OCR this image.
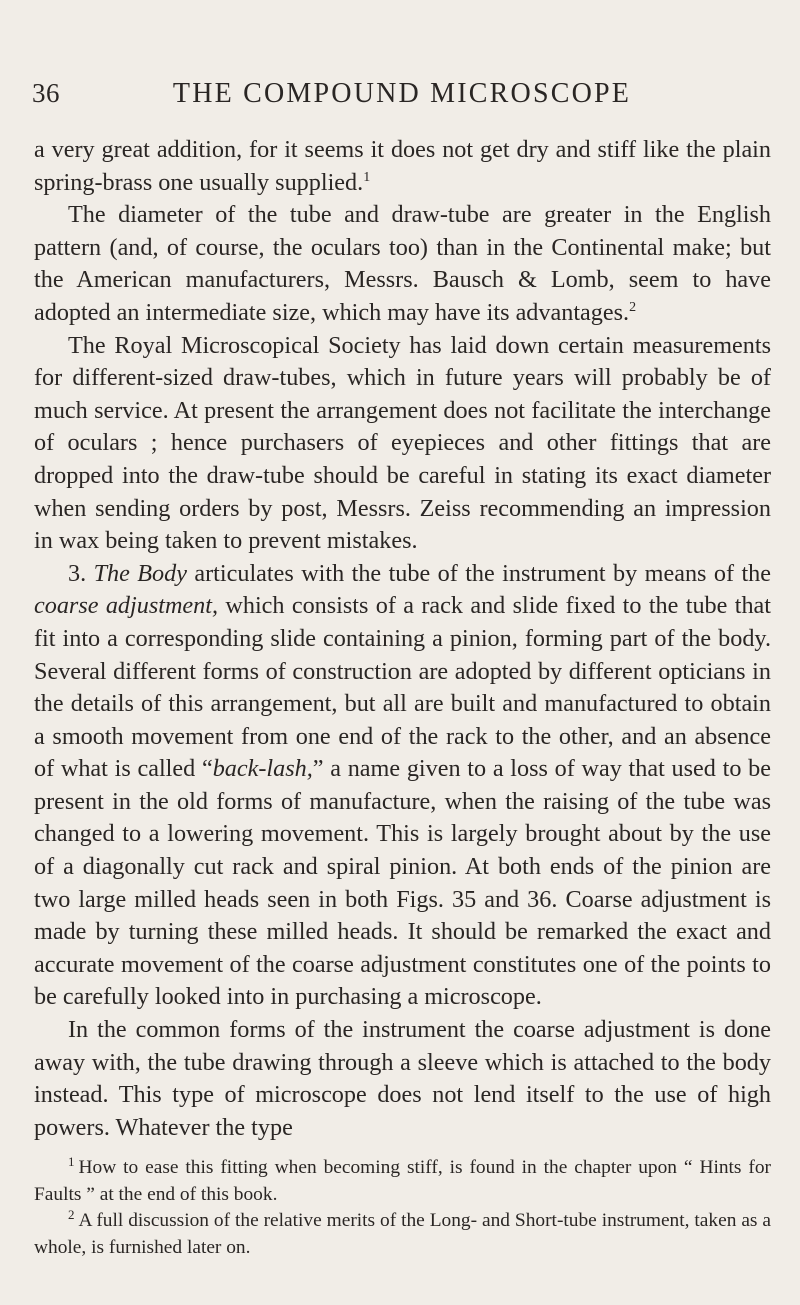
36	THE COMPOUND MICROSCOPE

a very great addition, for it seems it does not get dry and stiff like the plain spring-brass one usually supplied.$^1$

The diameter of the tube and draw-tube are greater in the English pattern (and, of course, the oculars too) than in the Continental make; but the American manufacturers, Messrs. Bausch & Lomb, seem to have adopted an intermediate size, which may have its advantages.$^2$

The Royal Microscopical Society has laid down certain measurements for different-sized draw-tubes, which in future years will probably be of much service. At present the arrangement does not facilitate the interchange of oculars ; hence purchasers of eyepieces and other fittings that are dropped into the draw-tube should be careful in stating its exact diameter when sending orders by post, Messrs. Zeiss recommending an impression in wax being taken to prevent mistakes.

3. The Body articulates with the tube of the instrument by means of the coarse adjustment, which consists of a rack and slide fixed to the tube that fit into a corresponding slide containing a pinion, forming part of the body. Several different forms of construction are adopted by different opticians in the details of this arrangement, but all are built and manufactured to obtain a smooth movement from one end of the rack to the other, and an absence of what is called “back-lash,” a name given to a loss of way that used to be present in the old forms of manufacture, when the raising of the tube was changed to a lowering movement. This is largely brought about by the use of a diagonally cut rack and spiral pinion. At both ends of the pinion are two large milled heads seen in both Figs. 35 and 36. Coarse adjustment is made by turning these milled heads. It should be remarked the exact and accurate movement of the coarse adjustment constitutes one of the points to be carefully looked into in purchasing a microscope.

In the common forms of the instrument the coarse adjustment is done away with, the tube drawing through a sleeve which is attached to the body instead. This type of microscope does not lend itself to the use of high powers. Whatever the type

$^1$ How to ease this fitting when becoming stiff, is found in the chapter upon “ Hints for Faults ” at the end of this book.

$^2$ A full discussion of the relative merits of the Long- and Short-tube instrument, taken as a whole, is furnished later on.
